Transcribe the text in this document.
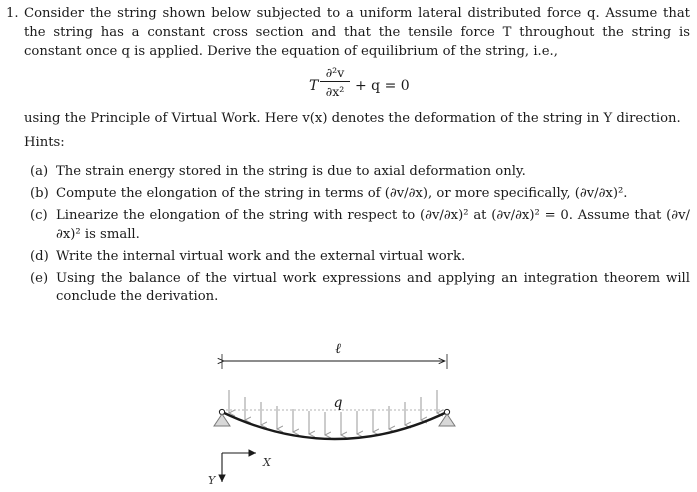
1. Consider the string shown below subjected to a uniform lateral distributed force q. Assume that the string has a constant cross section and that the tensile force T throughout the string is constant once q is applied. Derive the equation of equilibrium of the string, i.e.,
T
∂²v
∂x² + q = 0
using the Principle of Virtual Work. Here v(x) denotes the deformation of the string in Y direction.
Hints:
(a) The strain energy stored in the string is due to axial deformation only.
(b) Compute the elongation of the string in terms of (∂v/∂x), or more specifically, (∂v/∂x)².
(c) Linearize the elongation of the string with respect to (∂v/∂x)² at (∂v/∂x)² = 0. Assume that (∂v/∂x)² is small.
(d) Write the internal virtual work and the external virtual work.
(e) Using the balance of the virtual work expressions and applying an integration theorem will conclude the derivation.
ℓ
q
X
Y
